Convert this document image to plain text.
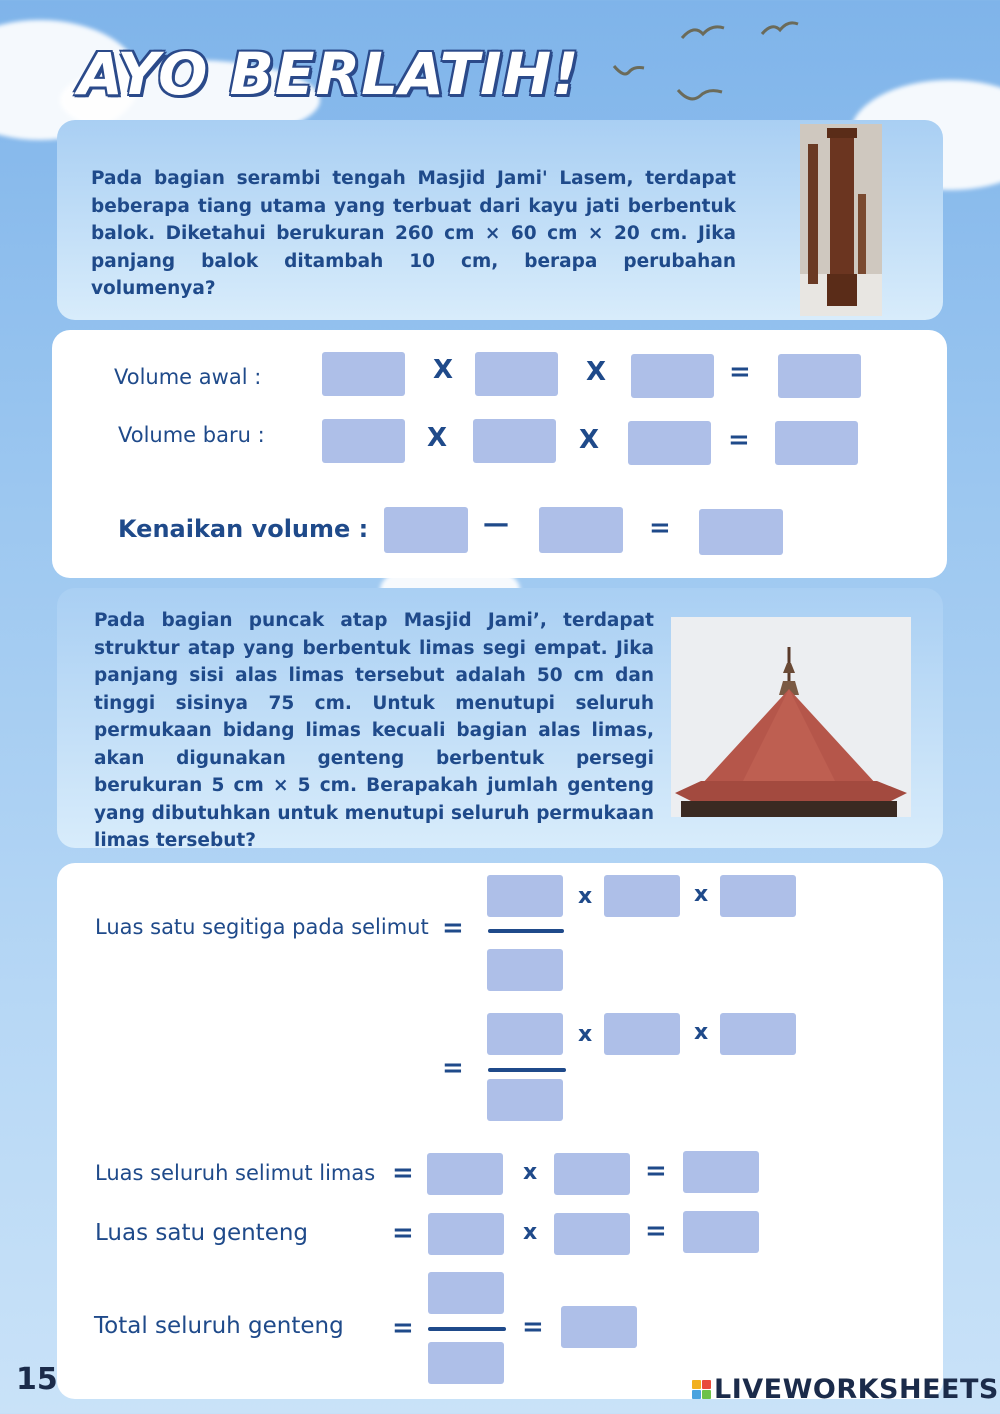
AYO BERLATIH!

Pada bagian serambi tengah Masjid Jami' Lasem, terdapat beberapa tiang utama yang terbuat dari kayu jati berbentuk balok. Diketahui berukuran 260 cm × 60 cm × 20 cm. Jika panjang balok ditambah 10 cm, berapa perubahan volumenya?

Volume awal :	X	X	=
Volume baru :	X	X	=
Kenaikan volume :	—	=

Pada bagian puncak atap Masjid Jami’, terdapat struktur atap yang berbentuk limas segi empat. Jika panjang sisi alas limas tersebut adalah 50 cm dan tinggi sisinya 75 cm. Untuk menutupi seluruh permukaan bidang limas kecuali bagian alas limas, akan digunakan genteng berbentuk persegi berukuran 5 cm × 5 cm. Berapakah jumlah genteng yang dibutuhkan untuk menutupi seluruh permukaan limas tersebut?

Luas satu segitiga pada selimut =
x	x
=
x	x
Luas seluruh selimut limas =	x	=
Luas satu genteng	=	x	=
Total seluruh genteng =	=
15	LIVEWORKSHEETS
